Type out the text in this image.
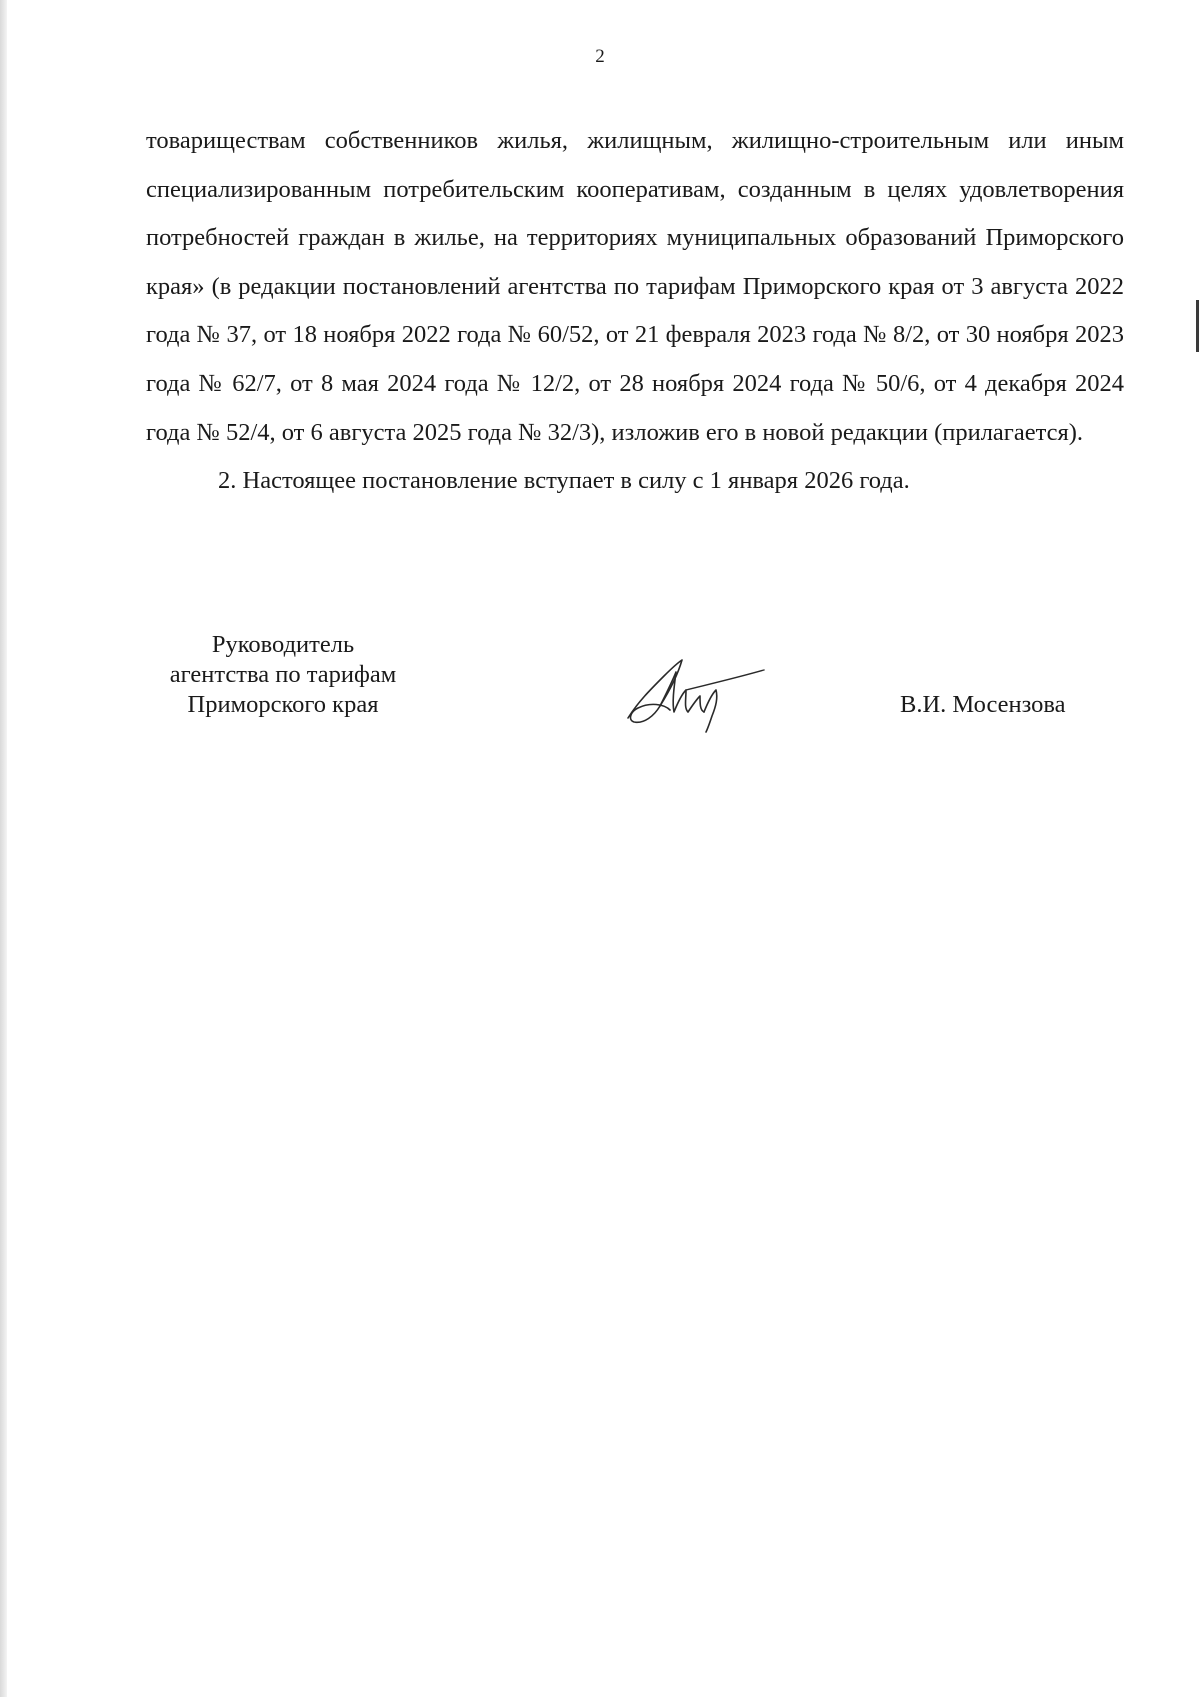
2

товариществам собственников жилья, жилищным, жилищно-строительным или иным специализированным потребительским кооперативам, созданным в целях удовлетворения потребностей граждан в жилье, на территориях муниципальных образований Приморского края» (в редакции постановлений агентства по тарифам Приморского края от 3 августа 2022 года № 37, от 18 ноября 2022 года № 60/52, от 21 февраля 2023 года № 8/2, от 30 ноября 2023 года № 62/7, от 8 мая 2024 года № 12/2, от 28 ноября 2024 года № 50/6, от 4 декабря 2024 года № 52/4, от 6 августа 2025 года № 32/3), изложив его в новой редакции (прилагается).

2. Настоящее постановление вступает в силу с 1 января 2026 года.

Руководитель
агентства по тарифам
Приморского края	В.И. Мосензова
